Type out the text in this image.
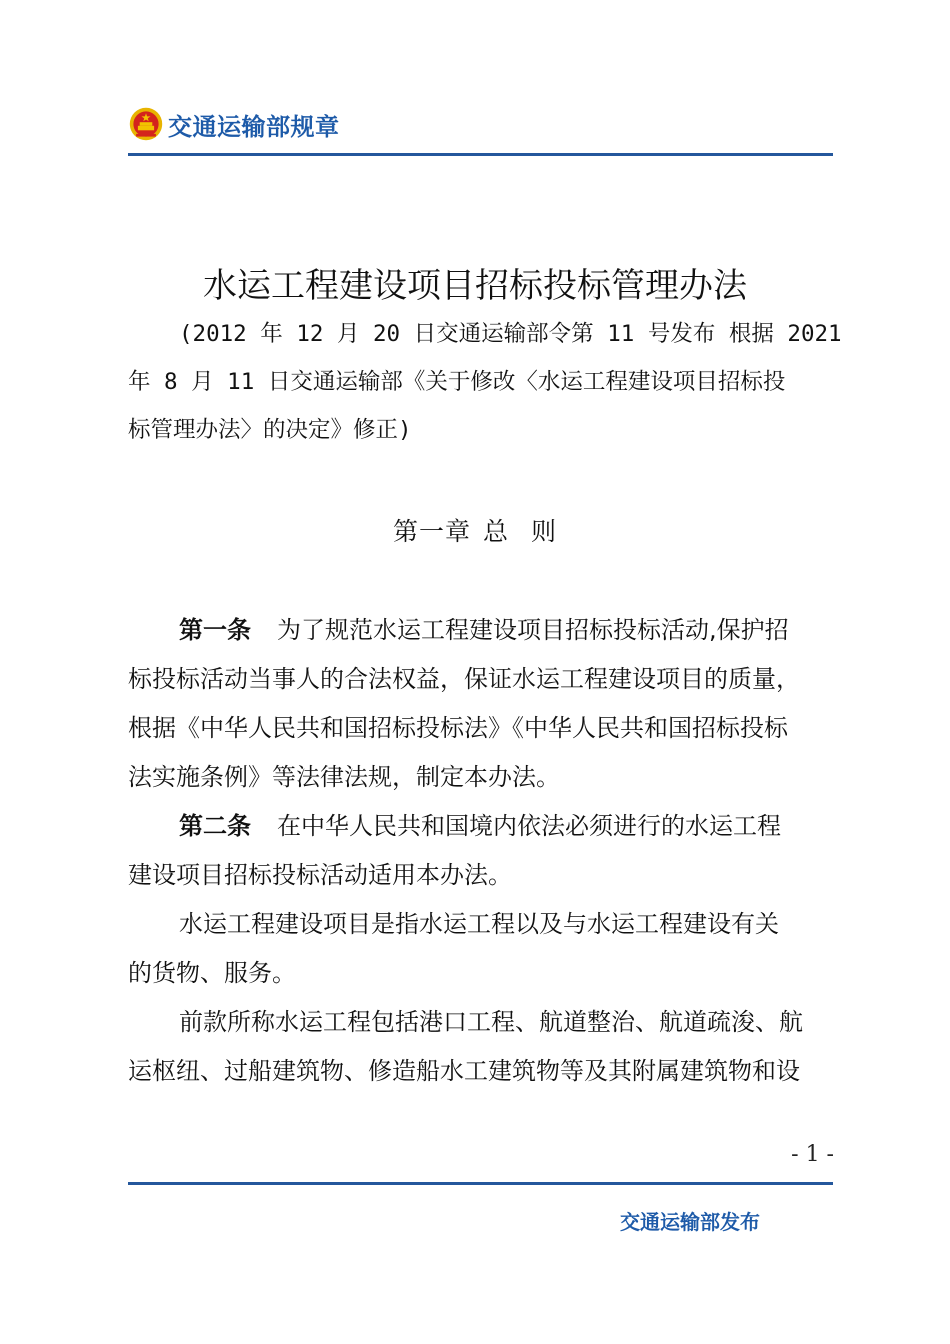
交通运输部规章
水运工程建设项目招标投标管理办法
(2012 年 12 月 20 日交通运输部令第 11 号发布 根据 2021
年 8 月 11 日交通运输部《关于修改〈水运工程建设项目招标投
标管理办法〉的决定》修正)
第一章 总 则
第一条 为了规范水运工程建设项目招标投标活动,保护招
标投标活动当事人的合法权益，保证水运工程建设项目的质量，
根据《中华人民共和国招标投标法》《中华人民共和国招标投标
法实施条例》等法律法规，制定本办法。
第二条 在中华人民共和国境内依法必须进行的水运工程
建设项目招标投标活动适用本办法。
水运工程建设项目是指水运工程以及与水运工程建设有关
的货物、服务。
前款所称水运工程包括港口工程、航道整治、航道疏浚、航
运枢纽、过船建筑物、修造船水工建筑物等及其附属建筑物和设
- 1 -
交通运输部发布
